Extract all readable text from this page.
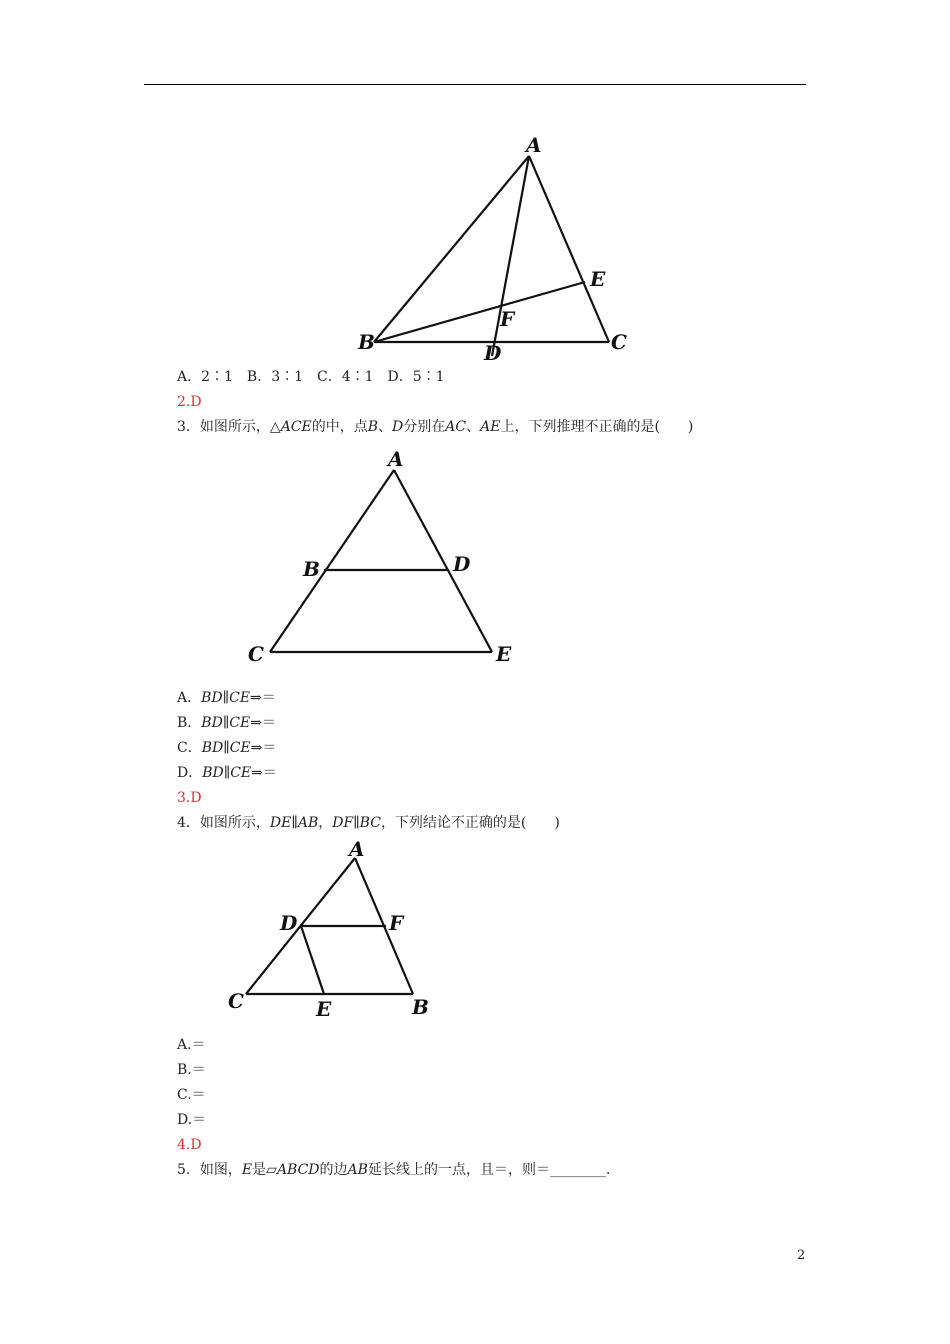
A
B	C
D
E
F
A．2∶1　B．3∶1　C．4∶1　D．5∶1
2.D
3．如图所示，△ACE的中，点B、D分别在AC、AE上，下列推理不正确的是(　　)
A
B	D
C	E
A．BD∥CE⇒＝
B．BD∥CE⇒＝
C．BD∥CE⇒＝
D．BD∥CE⇒＝
3.D
4．如图所示，DE∥AB，DF∥BC，下列结论不正确的是(　　)
A
D	F
C	E	B
A.＝
B.＝
C.＝
D.＝
4.D
5．如图，E是▱ABCD的边AB延长线上的一点，且＝，则＝________．
2
